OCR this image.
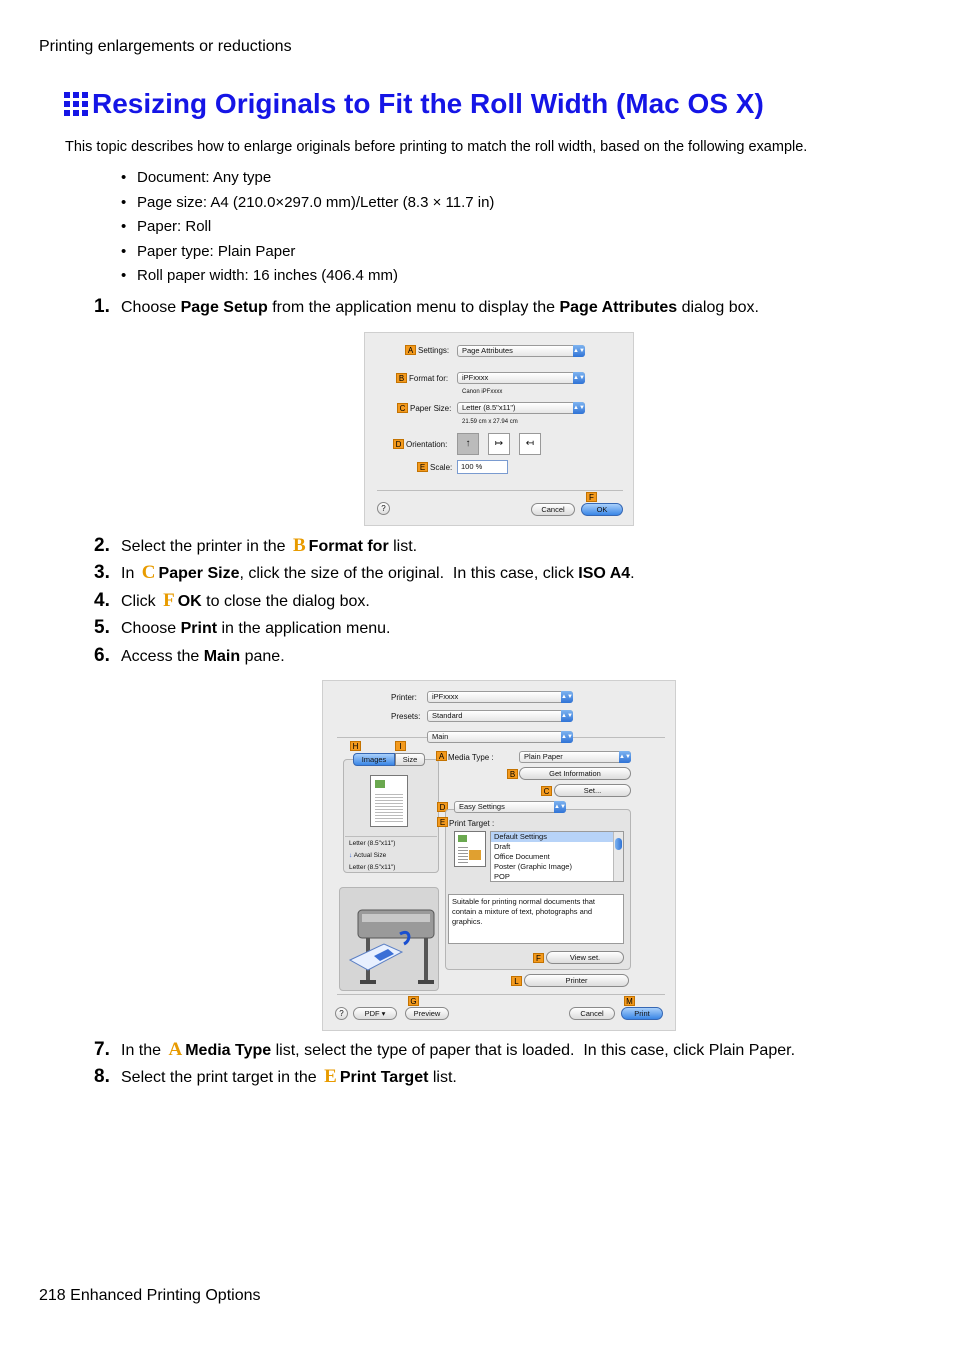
Printing enlargements or reductions
Resizing Originals to Fit the Roll Width (Mac OS X)
This topic describes how to enlarge originals before printing to match the roll width, based on the following example.
• Document: Any type
• Page size: A4 (210.0×297.0 mm)/Letter (8.3 × 11.7 in)
• Paper: Roll
• Paper type: Plain Paper
• Roll paper width: 16 inches (406.4 mm)
1. Choose
Page Setup from the application menu to display the Page Attributes dialog box.
A Settings:	Page Attributes	▲▼
B Format for:	iPFxxxx	▲▼
Canon iPFxxxx
C Paper Size:	Letter (8.5"x11")	▲▼
21.59 cm x 27.94 cm
D Orientation:	↑	↦	↤
E Scale:	100 %
?
F
Cancel	OK
2. Select the printer in the B Format for list.
3. In C Paper Size , click the size of the original.  In this case, click ISO A4 .
4. Click F OK to close the dialog box.
5. Choose Print in the application menu.
6. Access the Main pane.
Printer:	iPFxxxx	▲▼
Presets:	Standard	▲▼
Main	▲▼
H	I
Images	Size
Letter (8.5"x11")
↓ Actual Size
Letter (8.5"x11")
A Media Type :	Plain Paper	▲▼
B	Get Information
C	Set...
D	Easy Settings	▲▼
E Print Target :
Default Settings
Draft
Office Document
Poster (Graphic Image)
POP
Suitable for printing normal documents that contain a mixture of text, photographs and graphics.
F	View set.
L	Printer
G	M
?	PDF ▾	Preview	Cancel	Print
7. In the A Media Type list, select the type of paper that is loaded.  In this case, click Plain Paper.
8. Select the print target in the E Print Target list.
218 Enhanced Printing Options
